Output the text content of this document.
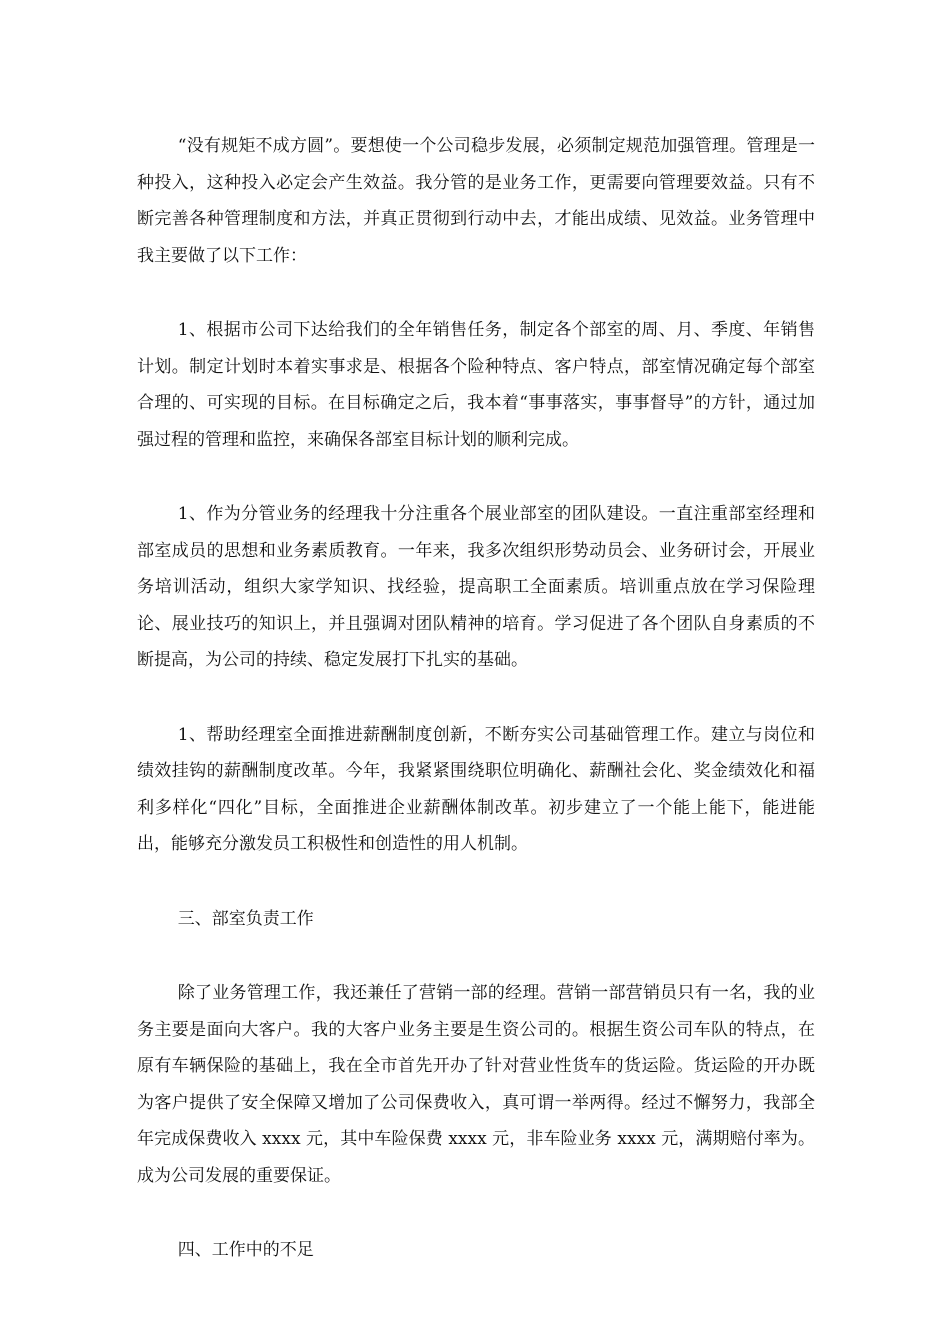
“没有规矩不成方圆”。要想使一个公司稳步发展，必须制定规范加强管理。管理是一种投入，这种投入必定会产生效益。我分管的是业务工作，更需要向管理要效益。只有不断完善各种管理制度和方法，并真正贯彻到行动中去，才能出成绩、见效益。业务管理中我主要做了以下工作：

1、根据市公司下达给我们的全年销售任务，制定各个部室的周、月、季度、年销售计划。制定计划时本着实事求是、根据各个险种特点、客户特点，部室情况确定每个部室合理的、可实现的目标。在目标确定之后，我本着“事事落实，事事督导”的方针，通过加强过程的管理和监控，来确保各部室目标计划的顺利完成。

1、作为分管业务的经理我十分注重各个展业部室的团队建设。一直注重部室经理和部室成员的思想和业务素质教育。一年来，我多次组织形势动员会、业务研讨会，开展业务培训活动，组织大家学知识、找经验，提高职工全面素质。培训重点放在学习保险理论、展业技巧的知识上，并且强调对团队精神的培育。学习促进了各个团队自身素质的不断提高，为公司的持续、稳定发展打下扎实的基础。

1、帮助经理室全面推进薪酬制度创新，不断夯实公司基础管理工作。建立与岗位和绩效挂钩的薪酬制度改革。今年，我紧紧围绕职位明确化、薪酬社会化、奖金绩效化和福利多样化“四化”目标，全面推进企业薪酬体制改革。初步建立了一个能上能下，能进能出，能够充分激发员工积极性和创造性的用人机制。

三、部室负责工作

除了业务管理工作，我还兼任了营销一部的经理。营销一部营销员只有一名，我的业务主要是面向大客户。我的大客户业务主要是生资公司的。根据生资公司车队的特点，在原有车辆保险的基础上，我在全市首先开办了针对营业性货车的货运险。货运险的开办既为客户提供了安全保障又增加了公司保费收入，真可谓一举两得。经过不懈努力，我部全年完成保费收入 xxxx 元，其中车险保费 xxxx 元，非车险业务 xxxx 元，满期赔付率为。成为公司发展的重要保证。

四、工作中的不足
